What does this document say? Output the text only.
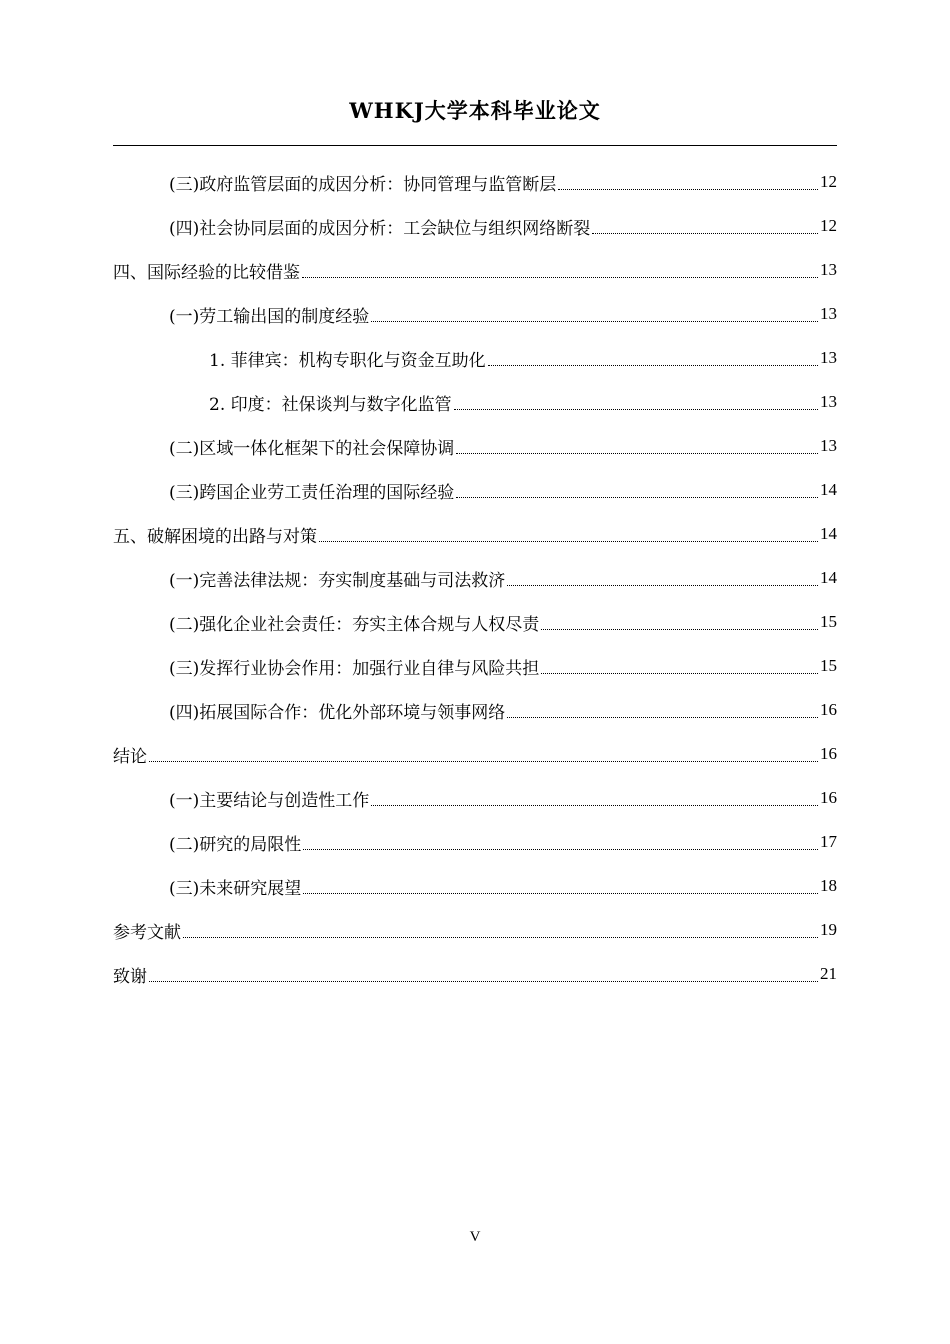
WHKJ大学本科毕业论文
(三)政府监管层面的成因分析：协同管理与监管断层	12
(四)社会协同层面的成因分析：工会缺位与组织网络断裂	12
四、国际经验的比较借鉴	13
(一)劳工输出国的制度经验	13
1. 菲律宾：机构专职化与资金互助化	13
2. 印度：社保谈判与数字化监管	13
(二)区域一体化框架下的社会保障协调	13
(三)跨国企业劳工责任治理的国际经验	14
五、破解困境的出路与对策	14
(一)完善法律法规：夯实制度基础与司法救济	14
(二)强化企业社会责任：夯实主体合规与人权尽责	15
(三)发挥行业协会作用：加强行业自律与风险共担	15
(四)拓展国际合作：优化外部环境与领事网络	16
结论	16
(一)主要结论与创造性工作	16
(二)研究的局限性	17
(三)未来研究展望	18
参考文献	19
致谢	21
V
